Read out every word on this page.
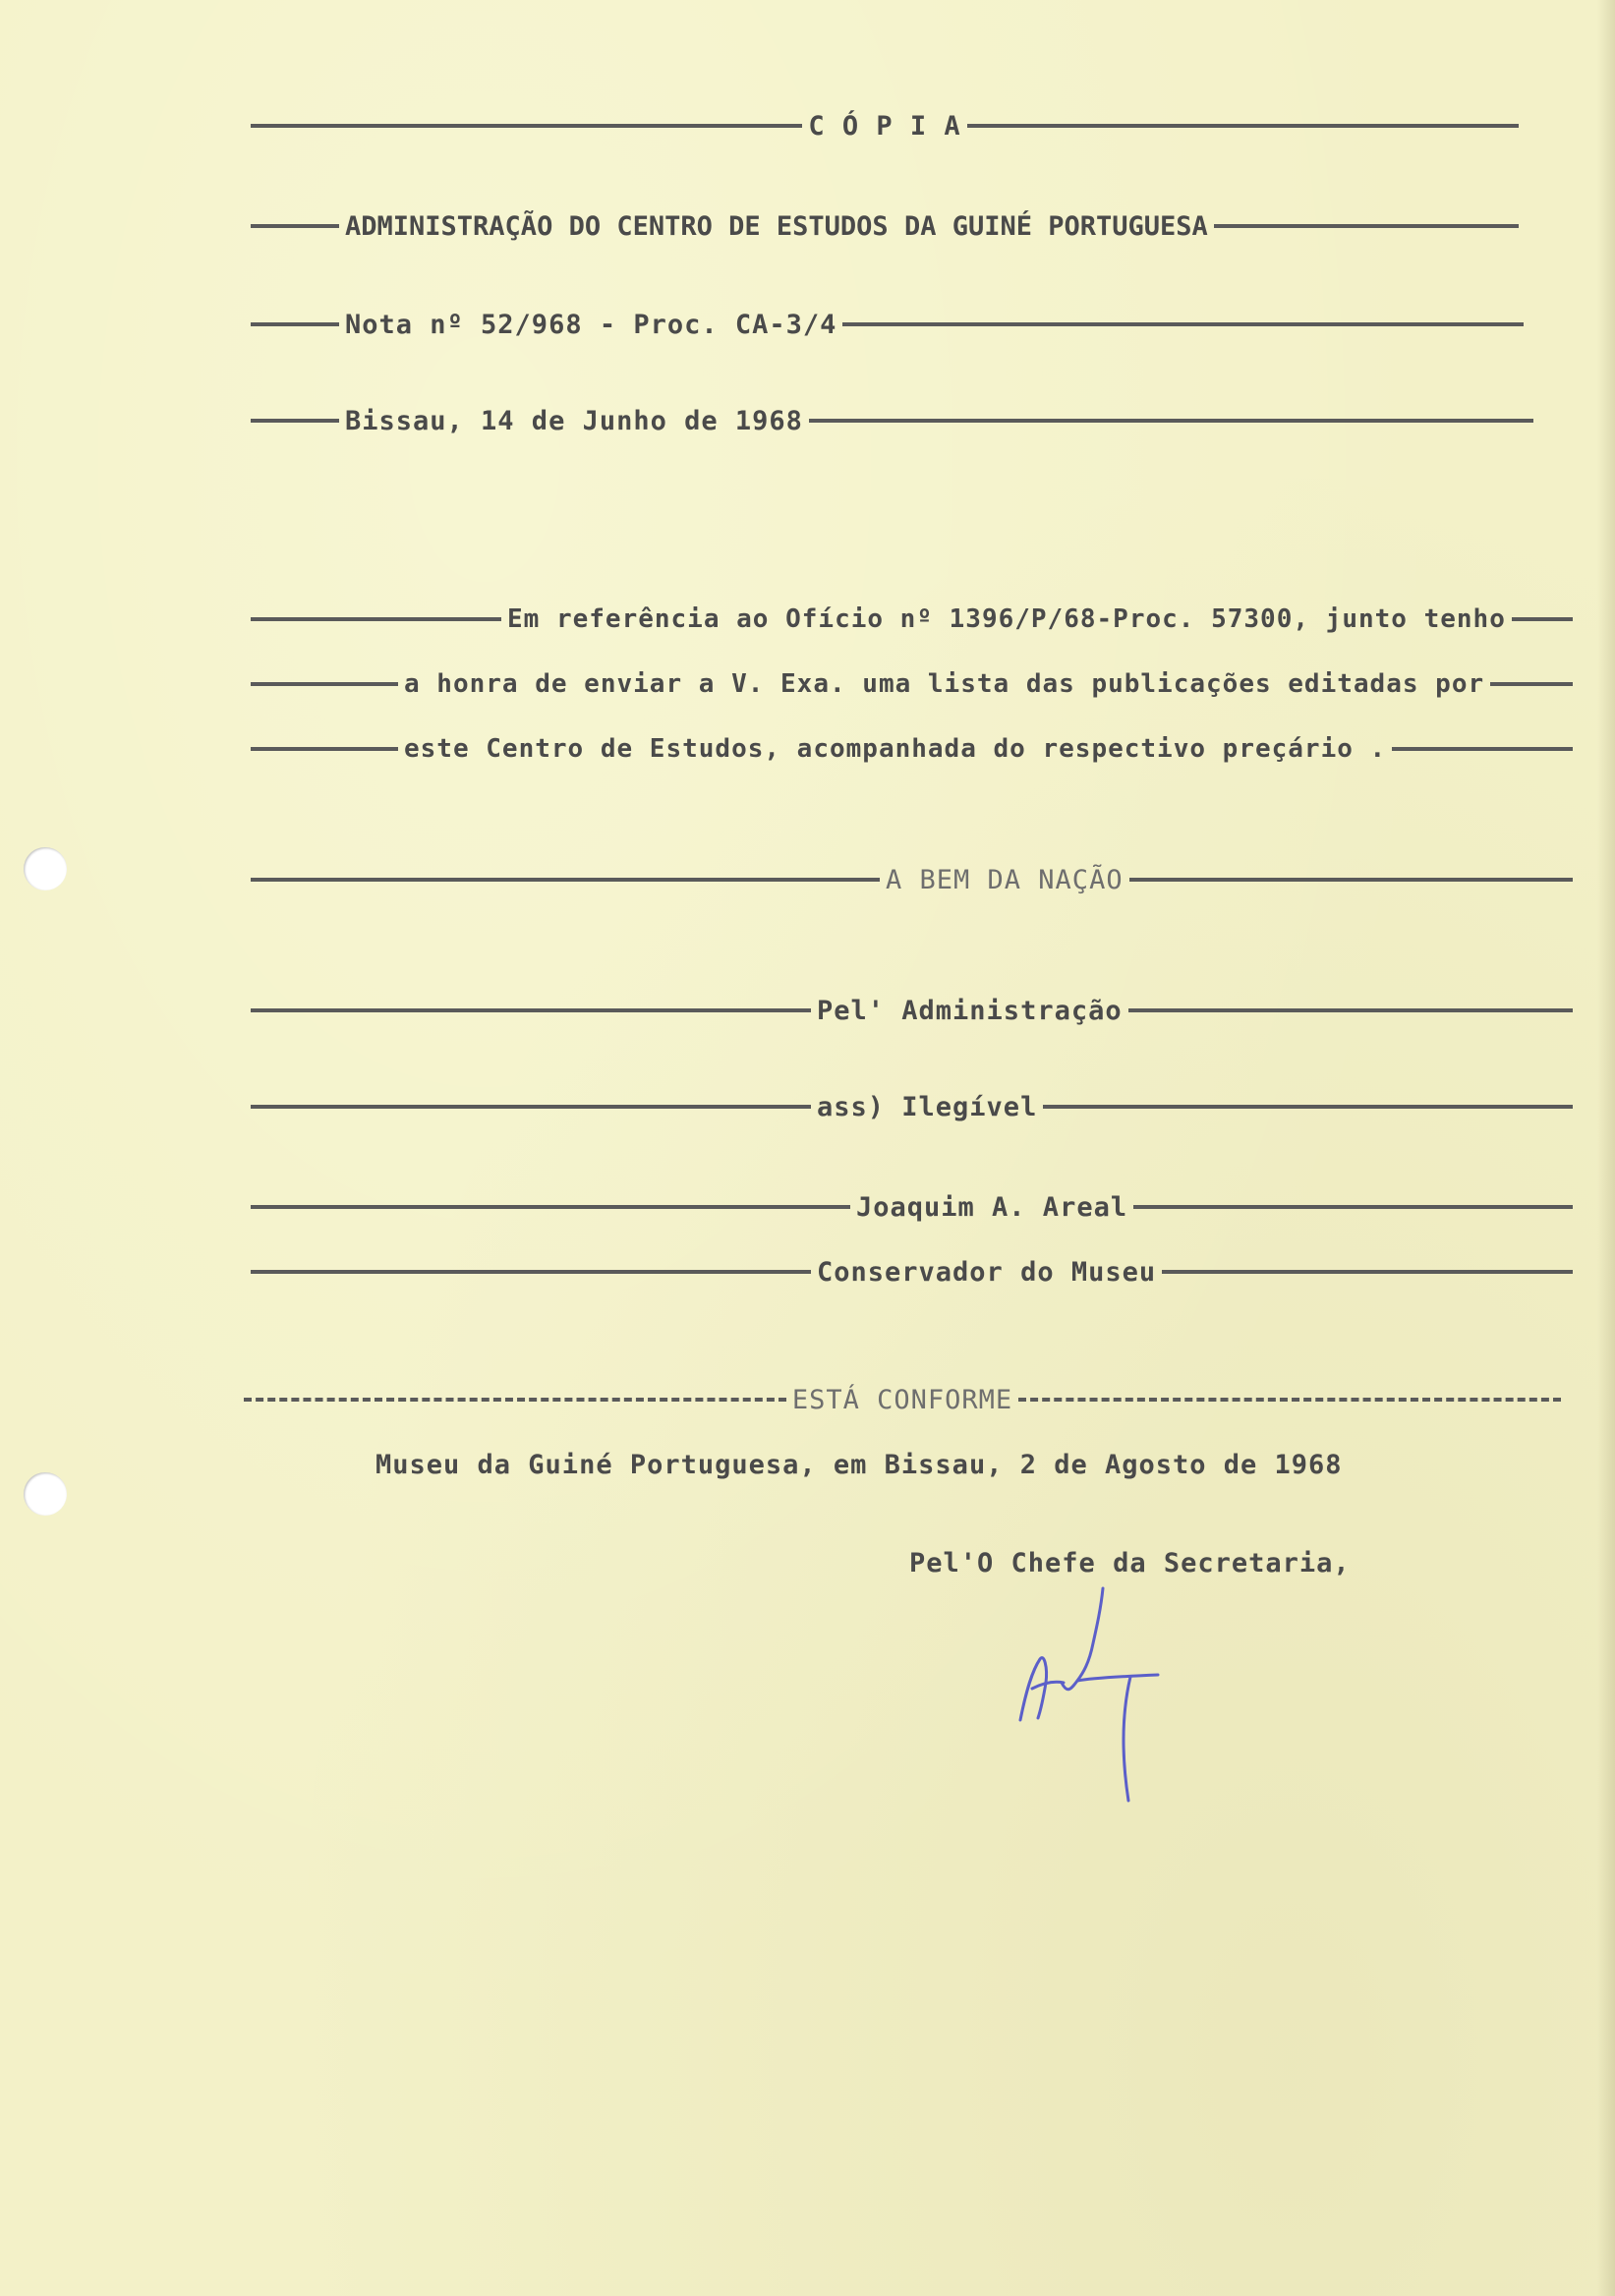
C Ó P I A
ADMINISTRAÇÃO DO CENTRO DE ESTUDOS DA GUINÉ PORTUGUESA
Nota nº 52/968 - Proc. CA-3/4
Bissau, 14 de Junho de 1968
Em referência ao Ofício nº 1396/P/68-Proc. 57300, junto tenho
a honra de enviar a V. Exa. uma lista das publicações editadas por
este Centro de Estudos, acompanhada do respectivo preçário .
A BEM DA NAÇÃO
Pel' Administração
ass) Ilegível
Joaquim A. Areal
Conservador do Museu
ESTÁ CONFORME
Museu da Guiné Portuguesa, em Bissau, 2 de Agosto de 1968
Pel'O Chefe da Secretaria,
